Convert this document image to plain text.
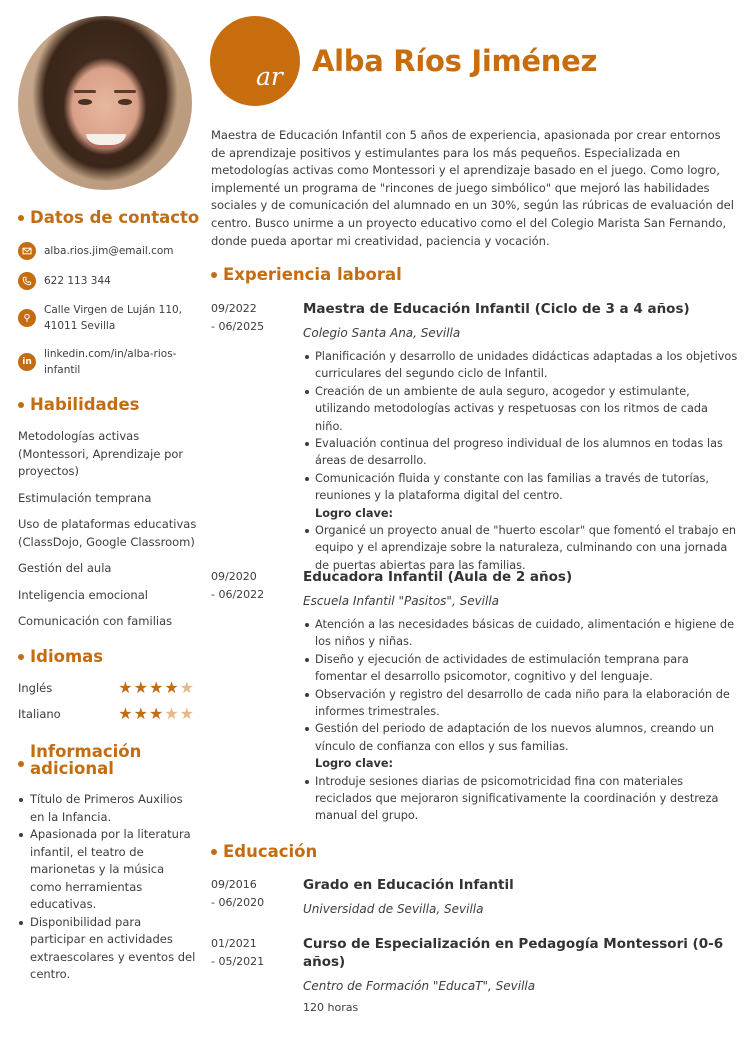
Datos de contacto
alba.rios.jim@email.com
622 113 344
Calle Virgen de Luján 110, 41011 Sevilla
in
linkedin.com/in/alba-rios-infantil
Habilidades
Metodologías activas (Montessori, Aprendizaje por proyectos)
Estimulación temprana
Uso de plataformas educativas (ClassDojo, Google Classroom)
Gestión del aula
Inteligencia emocional
Comunicación con familias
Idiomas
Inglés	★ ★ ★ ★ ★
Italiano	★ ★ ★ ★ ★
Información
adicional
Título de Primeros Auxilios en la Infancia.
Apasionada por la literatura infantil, el teatro de marionetas y la música como herramientas educativas.
Disponibilidad para participar en actividades extraescolares y eventos del centro.
ar Alba Ríos Jiménez

Maestra de Educación Infantil con 5 años de experiencia, apasionada por crear entornos de aprendizaje positivos y estimulantes para los más pequeños. Especializada en metodologías activas como Montessori y el aprendizaje basado en el juego. Como logro, implementé un programa de "rincones de juego simbólico" que mejoró las habilidades sociales y de comunicación del alumnado en un 30%, según las rúbricas de evaluación del centro. Busco unirme a un proyecto educativo como el del Colegio Marista San Fernando, donde pueda aportar mi creatividad, paciencia y vocación.

Experiencia laboral
09/2022
- 06/2025
Maestra de Educación Infantil (Ciclo de 3 a 4 años)
Colegio Santa Ana, Sevilla
Planificación y desarrollo de unidades didácticas adaptadas a los objetivos curriculares del segundo ciclo de Infantil.
Creación de un ambiente de aula seguro, acogedor y estimulante, utilizando metodologías activas y respetuosas con los ritmos de cada niño.
Evaluación continua del progreso individual de los alumnos en todas las áreas de desarrollo.
Comunicación fluida y constante con las familias a través de tutorías, reuniones y la plataforma digital del centro.
Logro clave:
Organicé un proyecto anual de "huerto escolar" que fomentó el trabajo en equipo y el aprendizaje sobre la naturaleza, culminando con una jornada de puertas abiertas para las familias.
09/2020
- 06/2022
Educadora Infantil (Aula de 2 años)
Escuela Infantil "Pasitos", Sevilla
Atención a las necesidades básicas de cuidado, alimentación e higiene de los niños y niñas.
Diseño y ejecución de actividades de estimulación temprana para fomentar el desarrollo psicomotor, cognitivo y del lenguaje.
Observación y registro del desarrollo de cada niño para la elaboración de informes trimestrales.
Gestión del periodo de adaptación de los nuevos alumnos, creando un vínculo de confianza con ellos y sus familias.
Logro clave:
Introduje sesiones diarias de psicomotricidad fina con materiales reciclados que mejoraron significativamente la coordinación y destreza manual del grupo.
Educación
09/2016
- 06/2020
Grado en Educación Infantil
Universidad de Sevilla, Sevilla
01/2021
- 05/2021
Curso de Especialización en Pedagogía Montessori (0-6 años)
Centro de Formación "EducaT", Sevilla
120 horas
